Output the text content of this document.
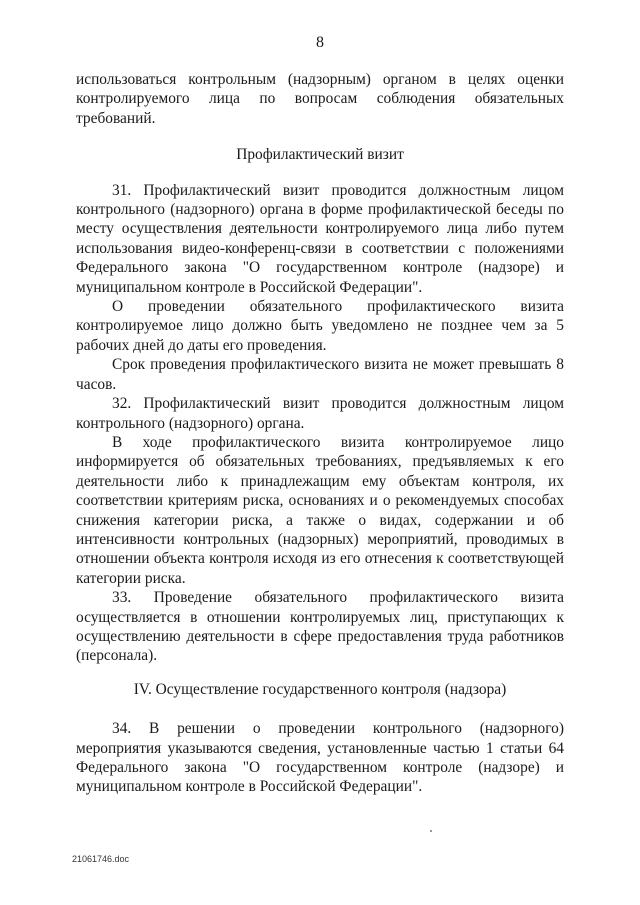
8

использоваться контрольным (надзорным) органом в целях оценки контролируемого лица по вопросам соблюдения обязательных требований.

Профилактический визит

31. Профилактический визит проводится должностным лицом контрольного (надзорного) органа в форме профилактической беседы по месту осуществления деятельности контролируемого лица либо путем использования видео-конференц-связи в соответствии с положениями Федерального закона "О государственном контроле (надзоре) и муниципальном контроле в Российской Федерации".

О проведении обязательного профилактического визита контролируемое лицо должно быть уведомлено не позднее чем за 5 рабочих дней до даты его проведения.

Срок проведения профилактического визита не может превышать 8 часов.

32. Профилактический визит проводится должностным лицом контрольного (надзорного) органа.

В ходе профилактического визита контролируемое лицо информируется об обязательных требованиях, предъявляемых к его деятельности либо к принадлежащим ему объектам контроля, их соответствии критериям риска, основаниях и о рекомендуемых способах снижения категории риска, а также о видах, содержании и об интенсивности контрольных (надзорных) мероприятий, проводимых в отношении объекта контроля исходя из его отнесения к соответствующей категории риска.

33. Проведение обязательного профилактического визита осуществляется в отношении контролируемых лиц, приступающих к осуществлению деятельности в сфере предоставления труда работников (персонала).

IV. Осуществление государственного контроля (надзора)

34. В решении о проведении контрольного (надзорного) мероприятия указываются сведения, установленные частью 1 статьи 64 Федерального закона "О государственном контроле (надзоре) и муниципальном контроле в Российской Федерации".

21061746.doc
